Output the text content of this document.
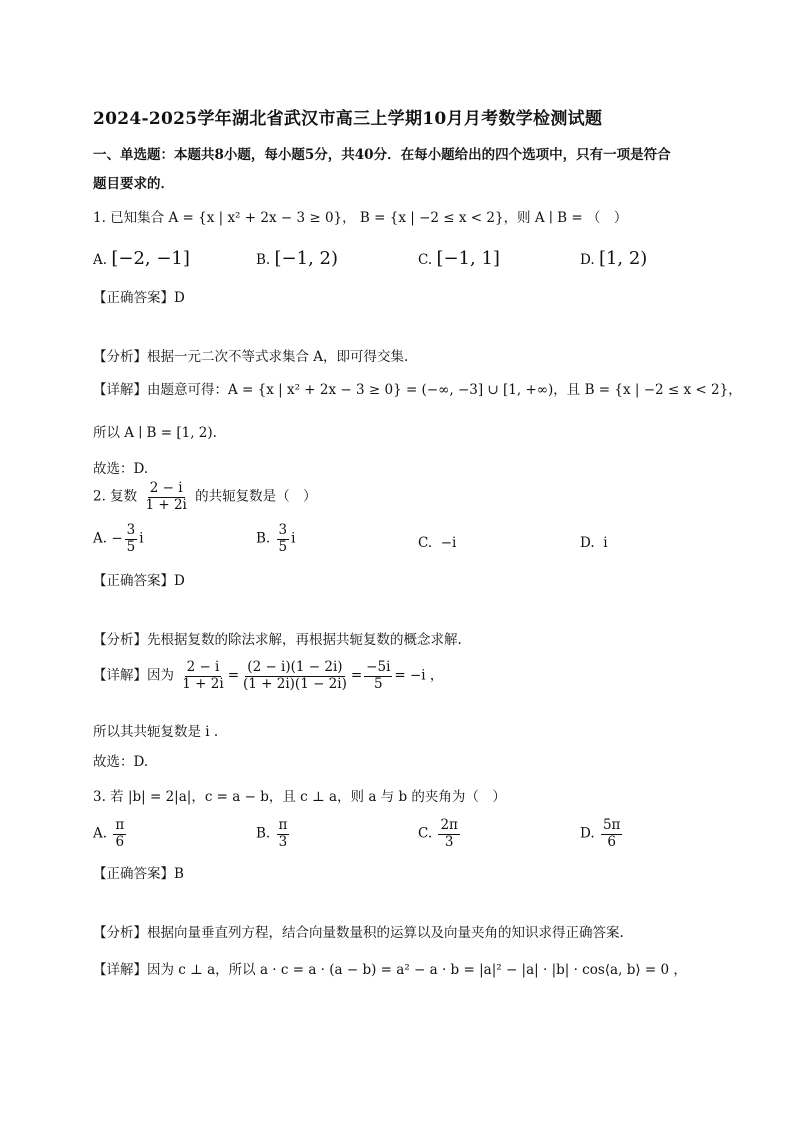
2024-2025学年湖北省武汉市高三上学期10月月考数学检测试题
一、单选题：本题共8小题，每小题5分，共40分．在每小题给出的四个选项中，只有一项是符合
题目要求的．
1. 已知集合 A = {x | x² + 2x − 3 ≥ 0}， B = {x | −2 ≤ x < 2}，则 A ∣ B = （　）
A. [−2, −1]	B. [−1, 2)	C. [−1, 1]	D. [1, 2)
【正确答案】D
【分析】根据一元二次不等式求集合 A，即可得交集.
【详解】由题意可得：A = {x | x² + 2x − 3 ≥ 0} = (−∞, −3] ∪ [1, +∞)，且 B = {x | −2 ≤ x < 2}，
所以 A ∣ B = [1, 2).
故选：D.
2. 复数 $\frac{2 - i}{1 + 2i}$ 的共轭复数是（　）
A. − $\frac{3}{5}$ i	B. $\frac{3}{5}$ i	C. −i	D. i
【正确答案】D
【分析】先根据复数的除法求解，再根据共轭复数的概念求解.
【详解】因为 $\frac{2 - i}{1 + 2i} = \frac{(2 - i)(1 - 2i)}{(1 + 2i)(1 - 2i)} = \frac{-5i}{5} = -i$ ，
所以其共轭复数是 i .
故选：D.
3. 若 |b| = 2|a|，c = a − b，且 c ⊥ a，则 a 与 b 的夹角为（　）
A. $\frac{\pi}{6}$	B. $\frac{\pi}{3}$	C. $\frac{2\pi}{3}$	D. $\frac{5\pi}{6}$
【正确答案】B
【分析】根据向量垂直列方程，结合向量数量积的运算以及向量夹角的知识求得正确答案.
【详解】因为 c ⊥ a，所以 a · c = a · (a − b) = a² − a · b = |a|² − |a| · |b| · cos⟨a, b⟩ = 0 ，
